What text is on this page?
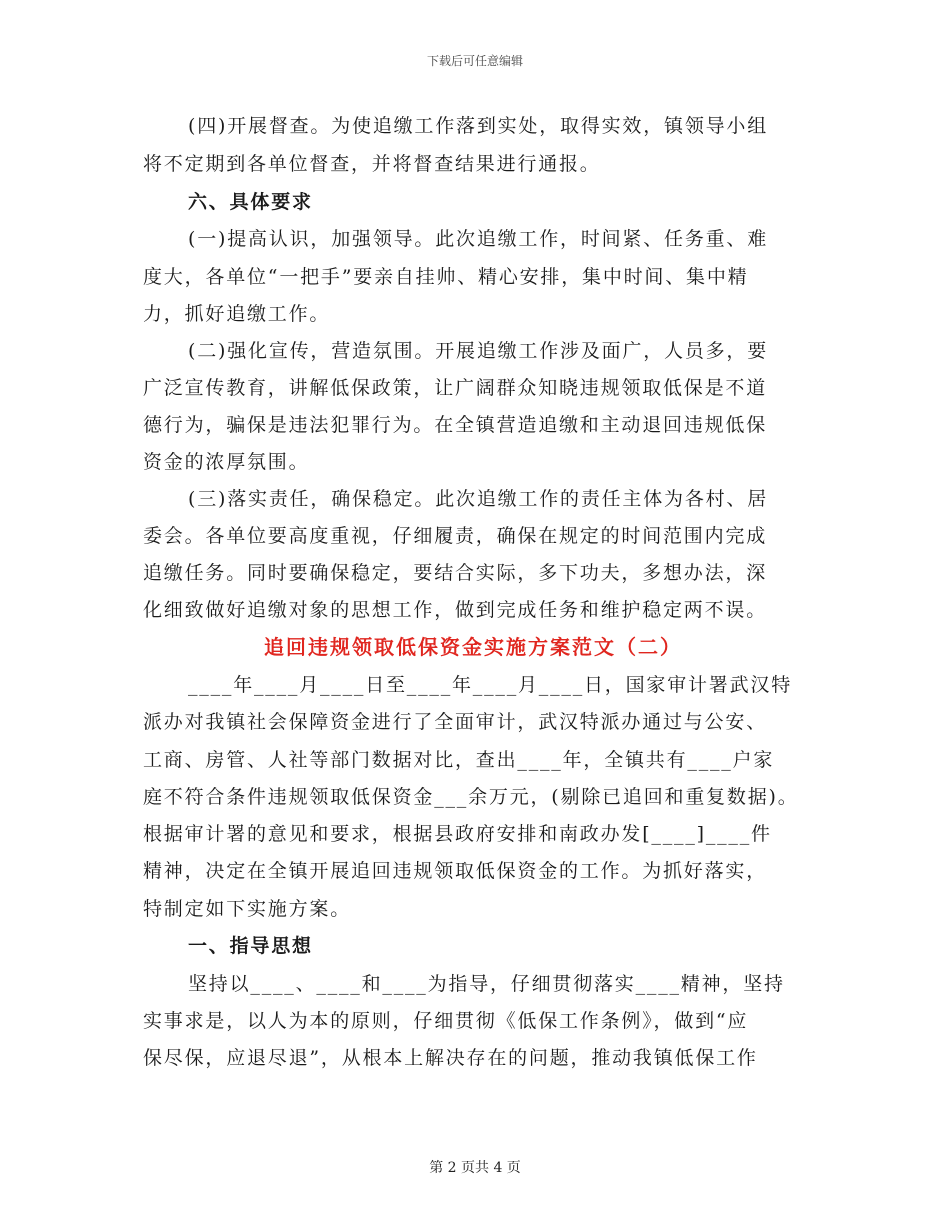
下载后可任意编辑
(四)开展督查。为使追缴工作落到实处，取得实效，镇领导小组
将不定期到各单位督查，并将督查结果进行通报。
六、具体要求
(一)提高认识，加强领导。此次追缴工作，时间紧、任务重、难
度大，各单位“一把手”要亲自挂帅、精心安排，集中时间、集中精
力，抓好追缴工作。
(二)强化宣传，营造氛围。开展追缴工作涉及面广，人员多，要
广泛宣传教育，讲解低保政策，让广阔群众知晓违规领取低保是不道
德行为，骗保是违法犯罪行为。在全镇营造追缴和主动退回违规低保
资金的浓厚氛围。
(三)落实责任，确保稳定。此次追缴工作的责任主体为各村、居
委会。各单位要高度重视，仔细履责，确保在规定的时间范围内完成
追缴任务。同时要确保稳定，要结合实际，多下功夫，多想办法，深
化细致做好追缴对象的思想工作，做到完成任务和维护稳定两不误。
追回违规领取低保资金实施方案范文（二）
____年____月____日至____年____月____日，国家审计署武汉特
派办对我镇社会保障资金进行了全面审计，武汉特派办通过与公安、
工商、房管、人社等部门数据对比，查出____年，全镇共有____户家
庭不符合条件违规领取低保资金___余万元，(剔除已追回和重复数据)。
根据审计署的意见和要求，根据县政府安排和南政办发[____]____件
精神，决定在全镇开展追回违规领取低保资金的工作。为抓好落实，
特制定如下实施方案。
一、指导思想
坚持以____、____和____为指导，仔细贯彻落实____精神，坚持
实事求是，以人为本的原则，仔细贯彻《低保工作条例》，做到“应
保尽保，应退尽退”，从根本上解决存在的问题，推动我镇低保工作
第 2 页共 4 页
